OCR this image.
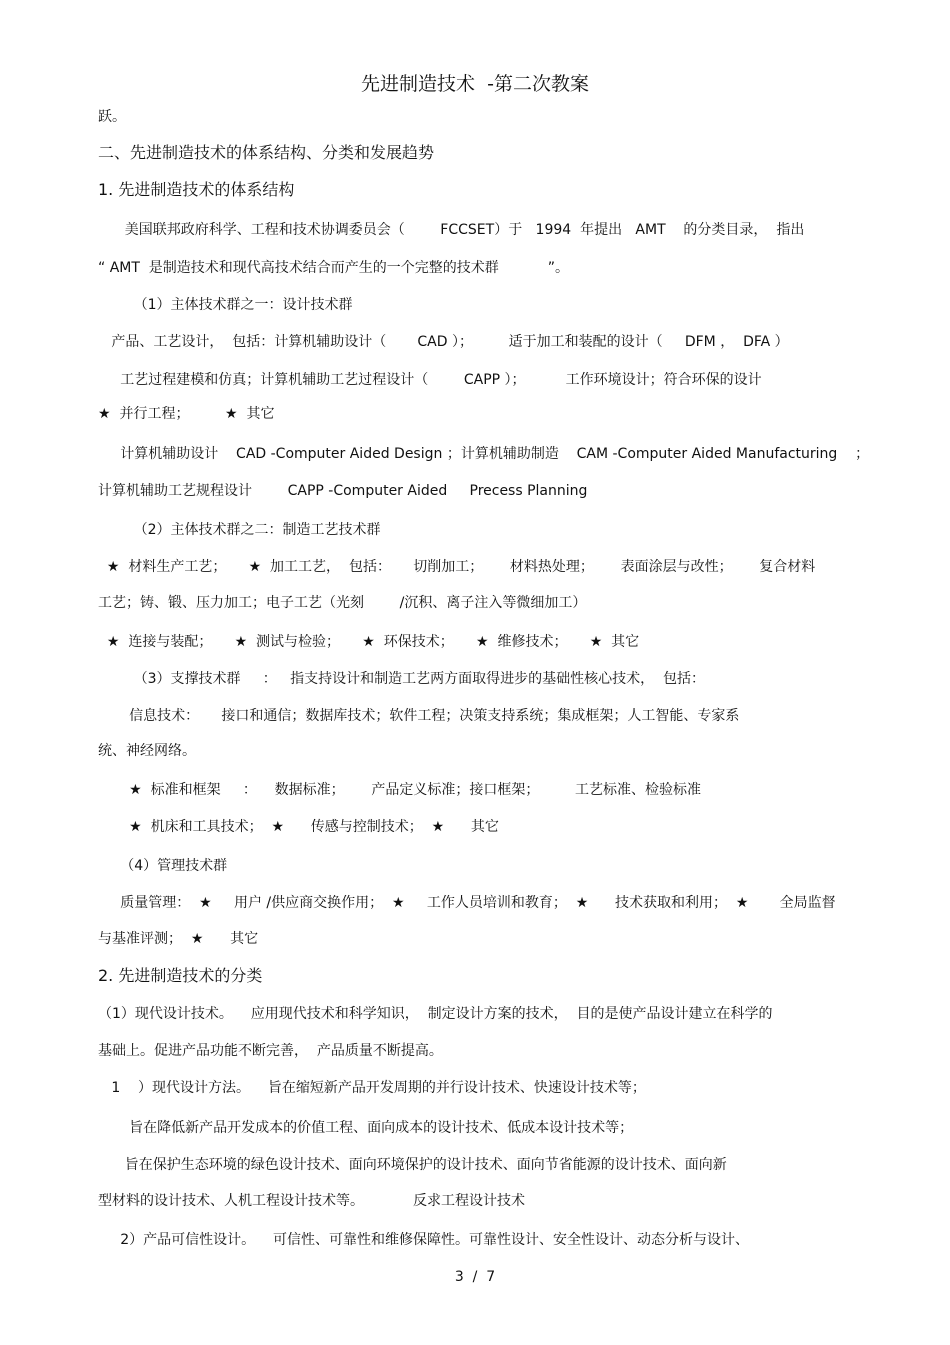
先进制造技术  -第二次教案
跃。
二、先进制造技术的体系结构、分类和发展趋势
1. 先进制造技术的体系结构
美国联邦政府科学、工程和技术协调委员会（        FCCSET）于   1994  年提出   AMT    的分类目录，  指出
“ AMT  是制造技术和现代高技术结合而产生的一个完整的技术群           ”。
（1）主体技术群之一：设计技术群
产品、工艺设计，  包括：计算机辅助设计（       CAD ）；        适于加工和装配的设计（     DFM ，  DFA ）
工艺过程建模和仿真；计算机辅助工艺过程设计（        CAPP ）；         工作环境设计；符合环保的设计
★  并行工程；        ★  其它
计算机辅助设计    CAD -Computer Aided Design ；计算机辅助制造    CAM -Computer Aided Manufacturing    ；
计算机辅助工艺规程设计        CAPP -Computer Aided     Precess Planning
（2）主体技术群之二：制造工艺技术群
★  材料生产工艺；     ★  加工工艺，  包括：     切削加工；      材料热处理；      表面涂层与改性；      复合材料
工艺；铸、锻、压力加工；电子工艺（光刻        /沉积、离子注入等微细加工）
★  连接与装配；     ★  测试与检验；     ★  环保技术；     ★  维修技术；     ★  其它
（3）支撑技术群     ：   指支持设计和制造工艺两方面取得进步的基础性核心技术，  包括：
信息技术：     接口和通信；数据库技术；软件工程；决策支持系统；集成框架；人工智能、专家系
统、神经网络。
★  标准和框架     ：    数据标准；      产品定义标准；接口框架；        工艺标准、检验标准
★  机床和工具技术；  ★      传感与控制技术；  ★      其它
（4）管理技术群
质量管理：  ★     用户 /供应商交换作用；  ★     工作人员培训和教育；  ★      技术获取和利用；  ★       全局监督
与基准评测；  ★      其它
2. 先进制造技术的分类
（1）现代设计技术。    应用现代技术和科学知识，  制定设计方案的技术，  目的是使产品设计建立在科学的
基础上。促进产品功能不断完善，  产品质量不断提高。
1    ）现代设计方法。    旨在缩短新产品开发周期的并行设计技术、快速设计技术等；
旨在降低新产品开发成本的价值工程、面向成本的设计技术、低成本设计技术等；
旨在保护生态环境的绿色设计技术、面向环境保护的设计技术、面向节省能源的设计技术、面向新
型材料的设计技术、人机工程设计技术等。           反求工程设计技术
2）产品可信性设计。    可信性、可靠性和维修保障性。可靠性设计、安全性设计、动态分析与设计、
3  /  7
